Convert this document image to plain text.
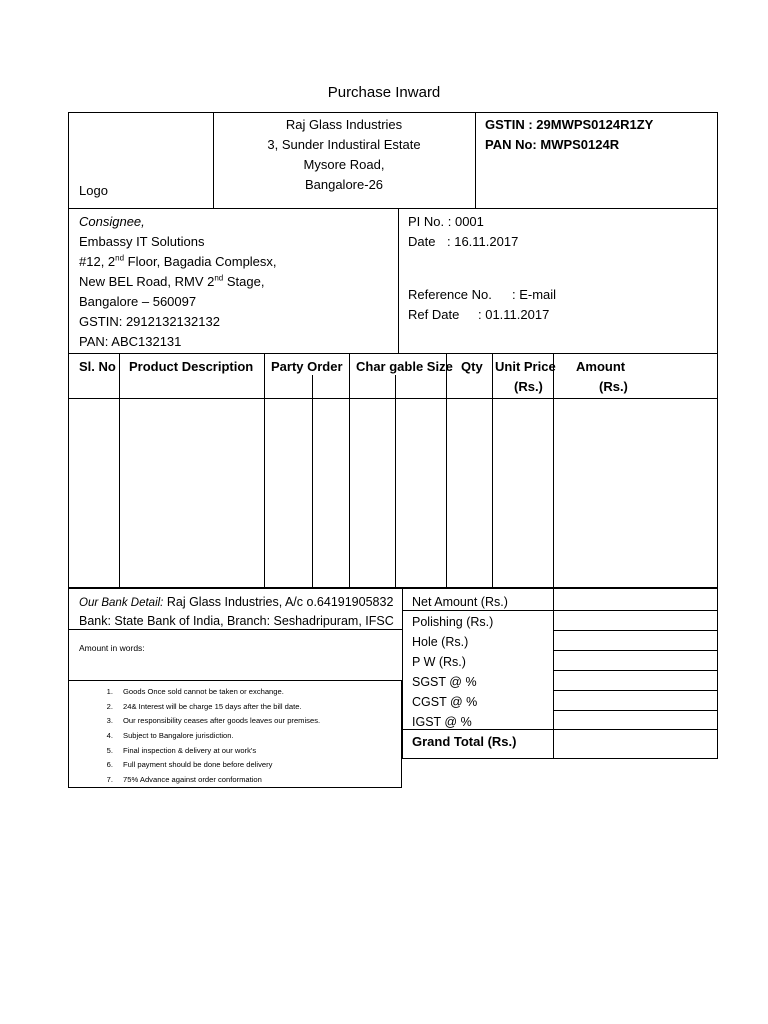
Purchase Inward
Logo
Raj Glass Industries
3, Sunder Industiral Estate
Mysore Road,
Bangalore-26
GSTIN : 29MWPS0124R1ZY
PAN No: MWPS0124R
Consignee,
Embassy IT Solutions
#12, 2nd Floor, Bagadia Complesx,
New BEL Road, RMV 2nd Stage,
Bangalore – 560097
GSTIN: 2912132132132
PAN: ABC132131
PI No. : 0001
Date : 16.11.2017
Reference No. : E-mail
Ref Date : 01.11.2017
Sl. No Product Description Party Order Char gable Size Qty Unit Price
(Rs.)
Amount
(Rs.)
Our Bank Detail: Raj Glass Industries, A/c o.64191905832
Bank: State Bank of India, Branch: Seshadripuram, IFSC
Amount in words:
1. Goods Once sold cannot be taken or exchange.
2. 24& Interest will be charge 15 days after the bill date.
3. Our responsibility ceases after goods leaves our premises.
4. Subject to Bangalore jurisdiction.
5. Final inspection & delivery at our work's
6. Full payment should be done before delivery
7. 75% Advance against order conformation
Net Amount (Rs.)
Polishing (Rs.)
Hole (Rs.)
P W (Rs.)
SGST @ %
CGST @ %
IGST @ %
Grand Total (Rs.)
